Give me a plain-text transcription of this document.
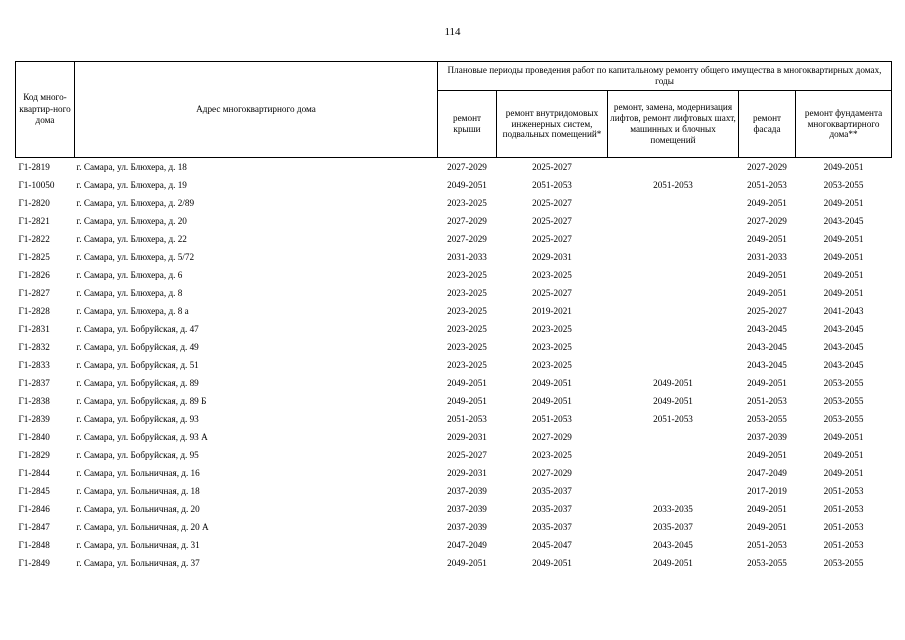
114
Код много-квартир-ного дома	Адрес многоквартирного дома	Плановые периоды проведения работ по капитальному ремонту общего имущества в многоквартирных домах, годы				
		ремонт крыши	ремонт внутридомовых инженерных систем, подвальных помещений*	ремонт, замена, модернизация лифтов, ремонт лифтовых шахт, машинных и блочных помещений	ремонт фасада	ремонт фундамента многоквартирного дома**
Г1-2819	г. Самара, ул. Блюхера, д. 18	2027-2029	2025-2027		2027-2029	2049-2051
Г1-10050	г. Самара, ул. Блюхера, д. 19	2049-2051	2051-2053	2051-2053	2051-2053	2053-2055
Г1-2820	г. Самара, ул. Блюхера, д. 2/89	2023-2025	2025-2027		2049-2051	2049-2051
Г1-2821	г. Самара, ул. Блюхера, д. 20	2027-2029	2025-2027		2027-2029	2043-2045
Г1-2822	г. Самара, ул. Блюхера, д. 22	2027-2029	2025-2027		2049-2051	2049-2051
Г1-2825	г. Самара, ул. Блюхера, д. 5/72	2031-2033	2029-2031		2031-2033	2049-2051
Г1-2826	г. Самара, ул. Блюхера, д. 6	2023-2025	2023-2025		2049-2051	2049-2051
Г1-2827	г. Самара, ул. Блюхера, д. 8	2023-2025	2025-2027		2049-2051	2049-2051
Г1-2828	г. Самара, ул. Блюхера, д. 8 а	2023-2025	2019-2021		2025-2027	2041-2043
Г1-2831	г. Самара, ул. Бобруйская, д. 47	2023-2025	2023-2025		2043-2045	2043-2045
Г1-2832	г. Самара, ул. Бобруйская, д. 49	2023-2025	2023-2025		2043-2045	2043-2045
Г1-2833	г. Самара, ул. Бобруйская, д. 51	2023-2025	2023-2025		2043-2045	2043-2045
Г1-2837	г. Самара, ул. Бобруйская, д. 89	2049-2051	2049-2051	2049-2051	2049-2051	2053-2055
Г1-2838	г. Самара, ул. Бобруйская, д. 89 Б	2049-2051	2049-2051	2049-2051	2051-2053	2053-2055
Г1-2839	г. Самара, ул. Бобруйская, д. 93	2051-2053	2051-2053	2051-2053	2053-2055	2053-2055
Г1-2840	г. Самара, ул. Бобруйская, д. 93 А	2029-2031	2027-2029		2037-2039	2049-2051
Г1-2829	г. Самара, ул. Бобруйская, д. 95	2025-2027	2023-2025		2049-2051	2049-2051
Г1-2844	г. Самара, ул. Больничная, д. 16	2029-2031	2027-2029		2047-2049	2049-2051
Г1-2845	г. Самара, ул. Больничная, д. 18	2037-2039	2035-2037		2017-2019	2051-2053
Г1-2846	г. Самара, ул. Больничная, д. 20	2037-2039	2035-2037	2033-2035	2049-2051	2051-2053
Г1-2847	г. Самара, ул. Больничная, д. 20 А	2037-2039	2035-2037	2035-2037	2049-2051	2051-2053
Г1-2848	г. Самара, ул. Больничная, д. 31	2047-2049	2045-2047	2043-2045	2051-2053	2051-2053
Г1-2849	г. Самара, ул. Больничная, д. 37	2049-2051	2049-2051	2049-2051	2053-2055	2053-2055
